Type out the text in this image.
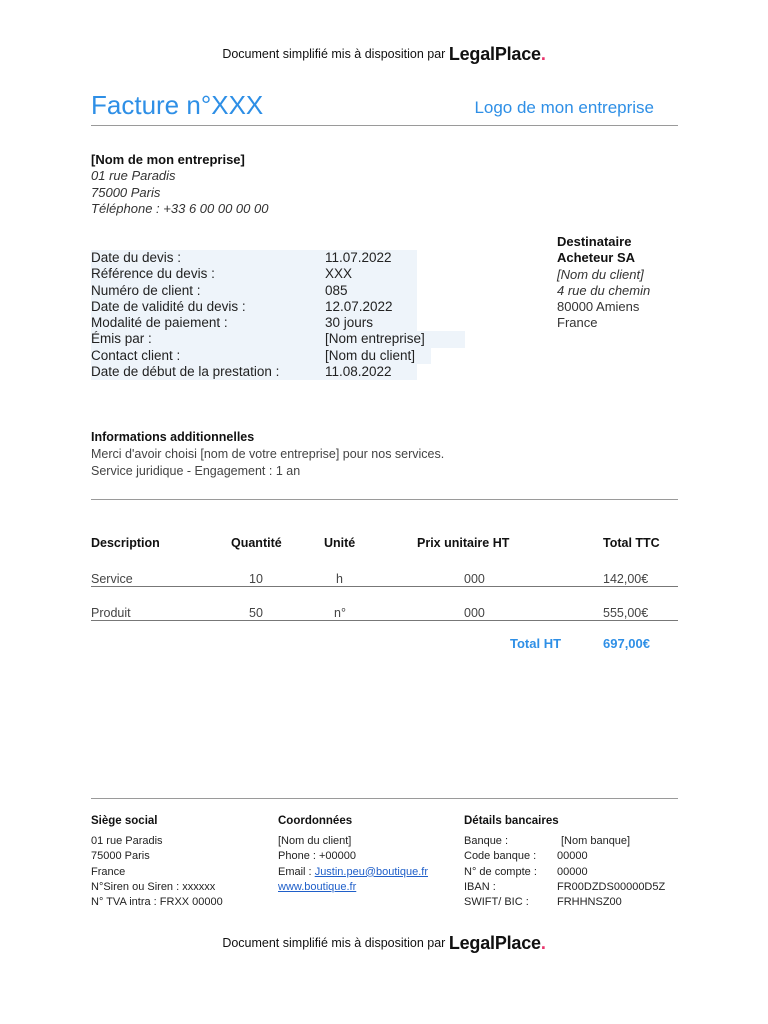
Document simplifié mis à disposition par LegalPlace.
Facture n°XXX	Logo de mon entreprise
[Nom de mon entreprise]
01 rue Paradis
75000 Paris
Téléphone : +33 6 00 00 00 00
Date du devis :	11.07.2022
Référence du devis :	XXX
Numéro de client :	085
Date de validité du devis :	12.07.2022
Modalité de paiement :	30 jours
Émis par :	[Nom entreprise]
Contact client :	[Nom du client]
Date de début de la prestation :	11.08.2022
Destinataire
Acheteur SA
[Nom du client]
4 rue du chemin
80000 Amiens
France
Informations additionnelles
Merci d'avoir choisi [nom de votre entreprise] pour nos services.
Service juridique - Engagement : 1 an
Description	Quantité	Unité	Prix unitaire HT	Total TTC
Service	10	h	000	142,00€
Produit	50	n°	000	555,00€
Total HT	697,00€
Siège social
01 rue Paradis
75000 Paris
France
N°Siren ou Siren : xxxxxx
N° TVA intra : FRXX 00000
Coordonnées
[Nom du client]
Phone : +00000
Email : Justin.peu@boutique.fr
www.boutique.fr
Détails bancaires
Banque :	[Nom banque]
Code banque :	00000
N° de compte :	00000
IBAN :	FR00DZDS00000D5Z
SWIFT/ BIC :	FRHHNSZ00
Document simplifié mis à disposition par LegalPlace.
